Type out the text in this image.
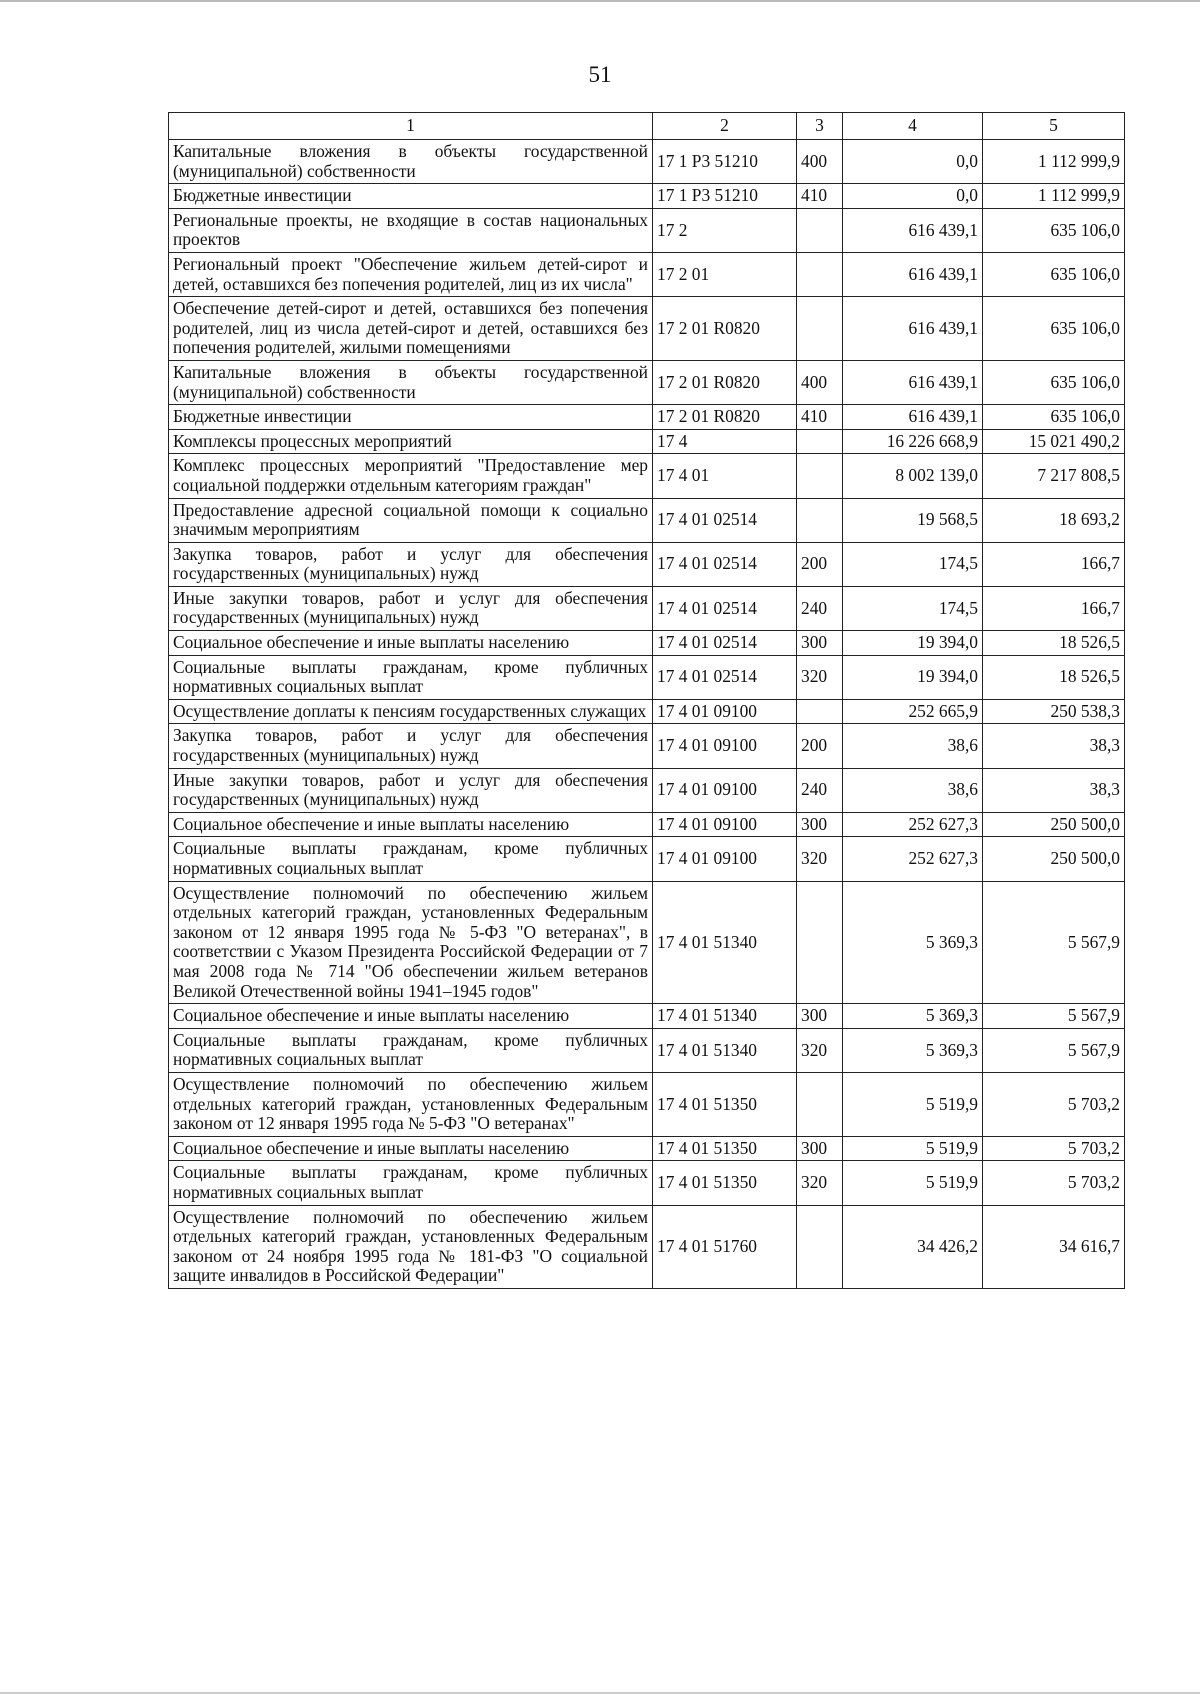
51
1	2	3	4	5
Капитальные вложения в объекты государственной (муниципальной) собственности	17 1 Р3 51210	400	0,0	1 112 999,9
Бюджетные инвестиции	17 1 Р3 51210	410	0,0	1 112 999,9
Региональные проекты, не входящие в состав национальных проектов	17 2		616 439,1	635 106,0
Региональный проект "Обеспечение жильем детей-сирот и детей, оставшихся без попечения родителей, лиц из их числа"	17 2 01		616 439,1	635 106,0
Обеспечение детей-сирот и детей, оставшихся без попечения родителей, лиц из числа детей-сирот и детей, оставшихся без попечения родителей, жилыми помещениями	17 2 01 R0820		616 439,1	635 106,0
Капитальные вложения в объекты государственной (муниципальной) собственности	17 2 01 R0820	400	616 439,1	635 106,0
Бюджетные инвестиции	17 2 01 R0820	410	616 439,1	635 106,0
Комплексы процессных мероприятий	17 4		16 226 668,9	15 021 490,2
Комплекс процессных мероприятий "Предоставление мер социальной поддержки отдельным категориям граждан"	17 4 01		8 002 139,0	7 217 808,5
Предоставление адресной социальной помощи к социально значимым мероприятиям	17 4 01 02514		19 568,5	18 693,2
Закупка товаров, работ и услуг для обеспечения государственных (муниципальных) нужд	17 4 01 02514	200	174,5	166,7
Иные закупки товаров, работ и услуг для обеспечения государственных (муниципальных) нужд	17 4 01 02514	240	174,5	166,7
Социальное обеспечение и иные выплаты населению	17 4 01 02514	300	19 394,0	18 526,5
Социальные выплаты гражданам, кроме публичных нормативных социальных выплат	17 4 01 02514	320	19 394,0	18 526,5
Осуществление доплаты к пенсиям государственных служащих	17 4 01 09100		252 665,9	250 538,3
Закупка товаров, работ и услуг для обеспечения государственных (муниципальных) нужд	17 4 01 09100	200	38,6	38,3
Иные закупки товаров, работ и услуг для обеспечения государственных (муниципальных) нужд	17 4 01 09100	240	38,6	38,3
Социальное обеспечение и иные выплаты населению	17 4 01 09100	300	252 627,3	250 500,0
Социальные выплаты гражданам, кроме публичных нормативных социальных выплат	17 4 01 09100	320	252 627,3	250 500,0
Осуществление полномочий по обеспечению жильем отдельных категорий граждан, установленных Федеральным законом от 12 января 1995 года № 5-ФЗ "О ветеранах", в соответствии с Указом Президента Российской Федерации от 7 мая 2008 года № 714 "Об обеспечении жильем ветеранов Великой Отечественной войны 1941–1945 годов"	17 4 01 51340		5 369,3	5 567,9
Социальное обеспечение и иные выплаты населению	17 4 01 51340	300	5 369,3	5 567,9
Социальные выплаты гражданам, кроме публичных нормативных социальных выплат	17 4 01 51340	320	5 369,3	5 567,9
Осуществление полномочий по обеспечению жильем отдельных категорий граждан, установленных Федеральным законом от 12 января 1995 года № 5-ФЗ "О ветеранах"	17 4 01 51350		5 519,9	5 703,2
Социальное обеспечение и иные выплаты населению	17 4 01 51350	300	5 519,9	5 703,2
Социальные выплаты гражданам, кроме публичных нормативных социальных выплат	17 4 01 51350	320	5 519,9	5 703,2
Осуществление полномочий по обеспечению жильем отдельных категорий граждан, установленных Федеральным законом от 24 ноября 1995 года № 181-ФЗ "О социальной защите инвалидов в Российской Федерации"	17 4 01 51760		34 426,2	34 616,7
